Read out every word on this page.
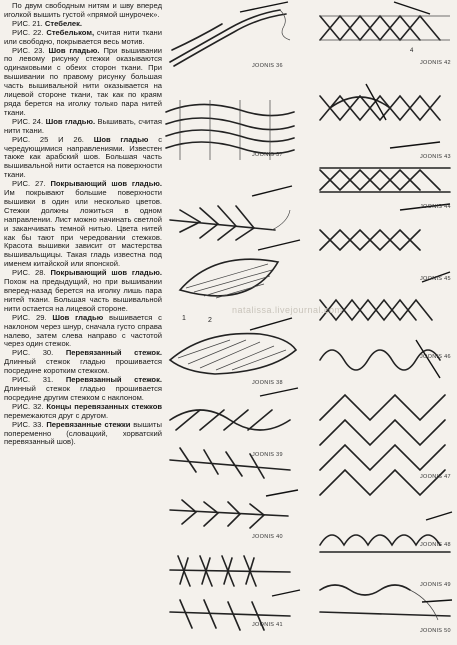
По двум свободным нитям и шву вперед иголкой вышить густой «прямой шнурочек».

РИС. 21. Стебелек.

РИС. 22. Стебельком, считая нити ткани или свободно, покрывается весь мотив.

РИС. 23. Шов гладью. При вышивании по левому рисунку стежки оказываются одинаковыми с обеих сторон ткани. При вышивании по правому рисунку большая часть вышивальной нити оказывается на лицевой стороне ткани, так как по краям ряда берется на иголку только пара нитей ткани.

РИС. 24. Шов гладью. Вышивать, считая нити ткани.

РИС. 25 И 26. Шов гладью с чередующимися направлениями. Известен также как арабский шов. Большая часть вышивальной нити остается на поверхности ткани.

РИС. 27. Покрывающий шов гладью. Им покрывают большие поверхности вышивки в один или несколько цветов. Стежки должны ложиться в одном направлении. Лист можно начинать светлой и заканчивать темной нитью. Цвета нитей как бы тают при чередовании стежков. Красота вышивки зависит от мастерства вышивальщицы. Такая гладь известна под именем китайской или японской.

РИС. 28. Покрывающий шов гладью. Похож на предыдущий, но при вышивании вперед-назад берется на иголку лишь пара нитей ткани. Большая часть вышивальной нити остается на лицевой стороне.

РИС. 29. Шов гладью вышивается с наклоном через шнур, сначала густо справа налево, затем слева направо с частотой через один стежок.

РИС. 30. Перевязанный стежок. Длинный стежок гладью прошивается посредине коротким стежком.

РИС. 31. Перевязанный стежок. Длинный стежок гладью прошивается посредине другим стежком с наклоном.

РИС. 32. Концы перевязанных стежков перемежаются друг с другом.

РИС. 33. Перевязанные стежки вышиты попеременно (словацкий, хорватский перевязанный шов).

1	2
4
JOONIS 36
JOONIS 37
JOONIS 38
JOONIS 39
JOONIS 40
JOONIS 41
JOONIS 42
JOONIS 43
JOONIS 44
JOONIS 45
JOONIS 46
JOONIS 47
JOONIS 48
JOONIS 49
JOONIS 50
natalissa.livejournal.com
